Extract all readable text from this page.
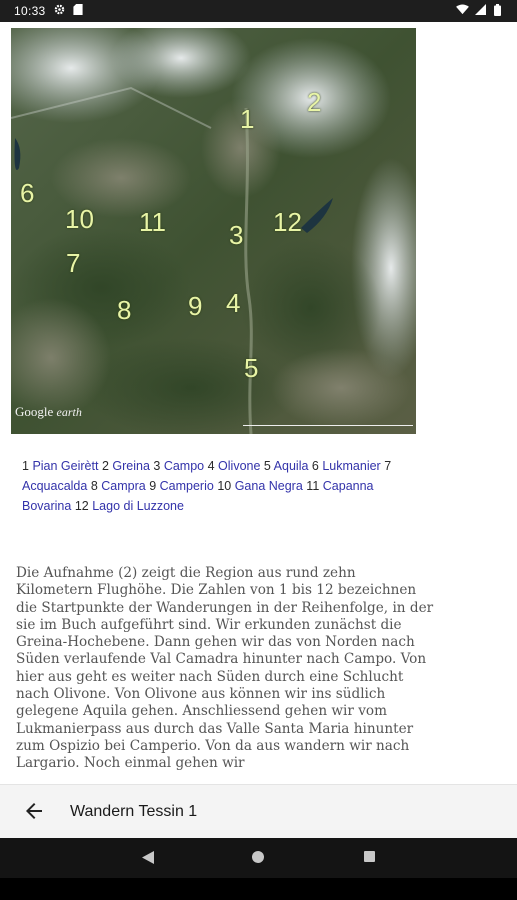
10:33
1
2
3
4
5
6
7
8 9
10 11	12
Google earth
1 Pian Geirètt 2 Greina 3 Campo 4 Olivone 5 Aquila 6 Lukmanier 7 Acquacalda 8 Campra 9 Camperio 10 Gana Negra 11 Capanna Bovarina 12 Lago di Luzzone
Die Aufnahme (2) zeigt die Region aus rund zehn Kilometern Flughöhe. Die Zahlen von 1 bis 12 bezeichnen die Startpunkte der Wanderungen in der Reihenfolge, in der sie im Buch aufgeführt sind. Wir erkunden zunächst die Greina-Hochebene. Dann gehen wir das von Norden nach Süden verlaufende Val Camadra hinunter nach Campo. Von hier aus geht es weiter nach Süden durch eine Schlucht nach Olivone. Von Olivone aus können wir ins südlich gelegene Aquila gehen. Anschliessend gehen wir vom Lukmanierpass aus durch das Valle Santa Maria hinunter zum Ospizio bei Camperio. Von da aus wandern wir nach Largario. Noch einmal gehen wir
Wandern Tessin 1
